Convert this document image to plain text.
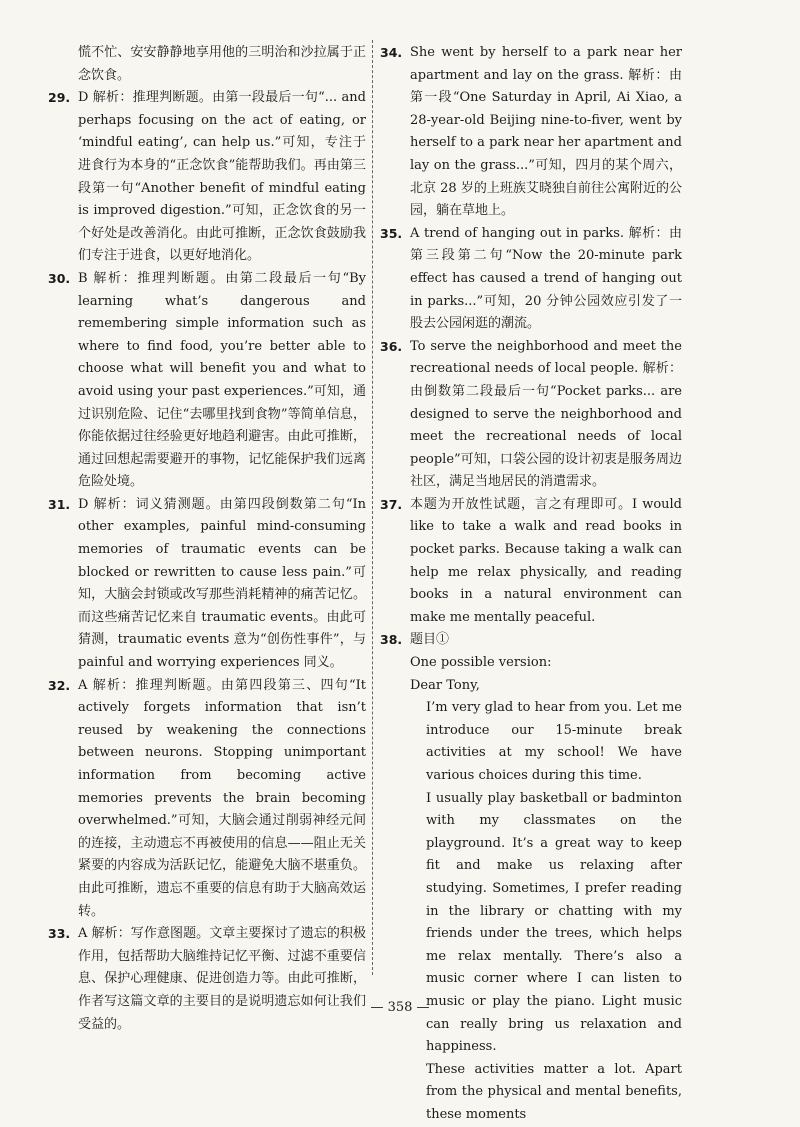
慌不忙、安安静静地享用他的三明治和沙拉属于正念饮食。

29. D 解析：推理判断题。由第一段最后一句“... and perhaps focusing on the act of eating, or ‘mindful eating’, can help us.”可知，专注于进食行为本身的“正念饮食”能帮助我们。再由第三段第一句“Another benefit of mindful eating is improved digestion.”可知，正念饮食的另一个好处是改善消化。由此可推断，正念饮食鼓励我们专注于进食，以更好地消化。
30. B 解析：推理判断题。由第二段最后一句“By learning what’s dangerous and remembering simple information such as where to find food, you’re better able to choose what will benefit you and what to avoid using your past experiences.”可知，通过识别危险、记住“去哪里找到食物”等简单信息，你能依据过往经验更好地趋利避害。由此可推断，通过回想起需要避开的事物，记忆能保护我们远离危险处境。
31. D 解析：词义猜测题。由第四段倒数第二句“In other examples, painful mind-consuming memories of traumatic events can be blocked or rewritten to cause less pain.”可知，大脑会封锁或改写那些消耗精神的痛苦记忆。而这些痛苦记忆来自 traumatic events。由此可猜测，traumatic events 意为“创伤性事件”，与 painful and worrying experiences 同义。
32. A 解析：推理判断题。由第四段第三、四句“It actively forgets information that isn’t reused by weakening the connections between neurons. Stopping unimportant information from becoming active memories prevents the brain becoming overwhelmed.”可知，大脑会通过削弱神经元间的连接，主动遗忘不再被使用的信息——阻止无关紧要的内容成为活跃记忆，能避免大脑不堪重负。由此可推断，遗忘不重要的信息有助于大脑高效运转。
33. A 解析：写作意图题。文章主要探讨了遗忘的积极作用，包括帮助大脑维持记忆平衡、过滤不重要信息、保护心理健康、促进创造力等。由此可推断，作者写这篇文章的主要目的是说明遗忘如何让我们受益的。
34. She went by herself to a park near her apartment and lay on the grass. 解析：由第一段“One Saturday in April, Ai Xiao, a 28-year-old Beijing nine-to-fiver, went by herself to a park near her apartment and lay on the grass...”可知，四月的某个周六，北京 28 岁的上班族艾晓独自前往公寓附近的公园，躺在草地上。
35. A trend of hanging out in parks. 解析：由第三段第二句“Now the 20-minute park effect has caused a trend of hanging out in parks...”可知，20 分钟公园效应引发了一股去公园闲逛的潮流。
36. To serve the neighborhood and meet the recreational needs of local people. 解析：由倒数第二段最后一句“Pocket parks... are designed to serve the neighborhood and meet the recreational needs of local people”可知，口袋公园的设计初衷是服务周边社区，满足当地居民的消遣需求。
37. 本题为开放性试题，言之有理即可。I would like to take a walk and read books in pocket parks. Because taking a walk can help me relax physically, and reading books in a natural environment can make me mentally peaceful.
38. 题目①

One possible version:

Dear Tony,

I’m very glad to hear from you. Let me introduce our 15-minute break activities at my school! We have various choices during this time.

I usually play basketball or badminton with my classmates on the playground. It’s a great way to keep fit and make us relaxing after studying. Sometimes, I prefer reading in the library or chatting with my friends under the trees, which helps me relax mentally. There’s also a music corner where I can listen to music or play the piano. Light music can really bring us relaxation and happiness.

These activities matter a lot. Apart from the physical and mental benefits, these moments

— 358 —
